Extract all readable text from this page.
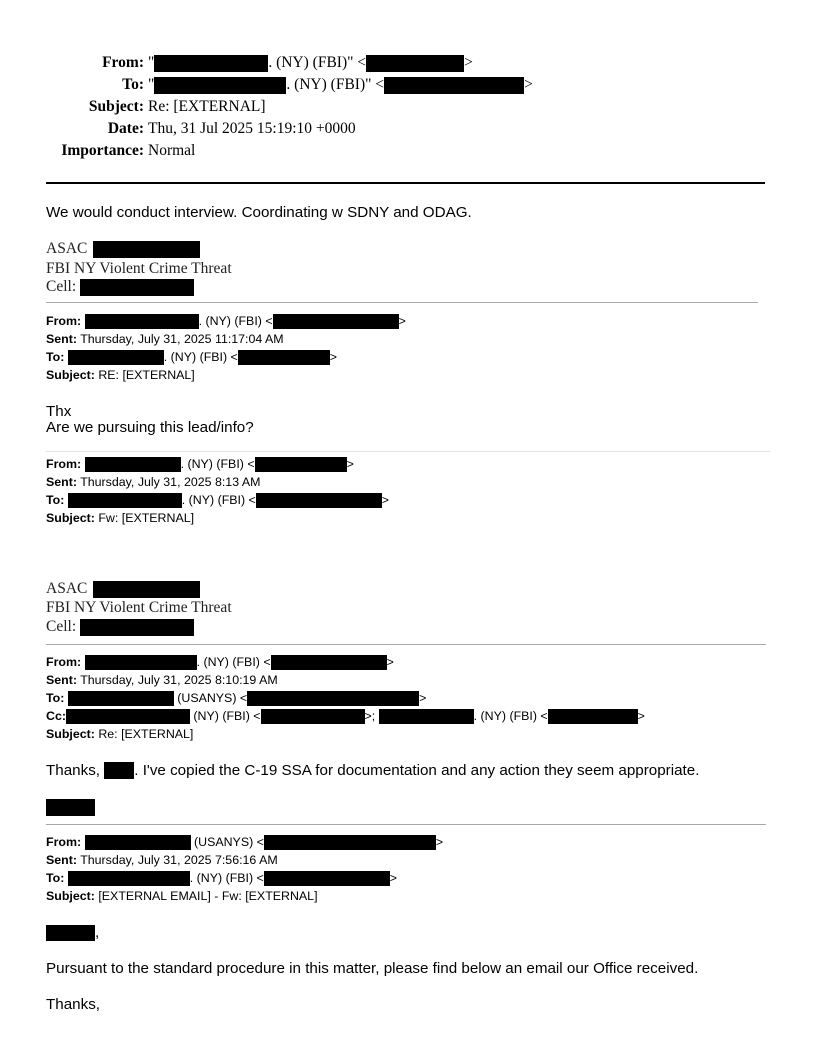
From: "	. (NY) (FBI)" <	>
To: "	. (NY) (FBI)" <	>
Subject: Re: [EXTERNAL]
Date: Thu, 31 Jul 2025 15:19:10 +0000
Importance: Normal
We would conduct interview. Coordinating w SDNY and ODAG.
ASAC
FBI NY Violent Crime Threat
Cell:
From:	. (NY) (FBI) <	>
Sent: Thursday, July 31, 2025 11:17:04 AM
To:	. (NY) (FBI) <	>
Subject: RE: [EXTERNAL]
Thx
Are we pursuing this lead/info?
From:	. (NY) (FBI) <	>
Sent: Thursday, July 31, 2025 8:13 AM
To:	. (NY) (FBI) <	>
Subject: Fw: [EXTERNAL]
ASAC
FBI NY Violent Crime Threat
Cell:
From:	. (NY) (FBI) <	>
Sent: Thursday, July 31, 2025 8:10:19 AM
To:	(USANYS) <	>
Cc:	(NY) (FBI) <	>;	. (NY) (FBI) <	>
Subject: Re: [EXTERNAL]
Thanks, . I've copied the C-19 SSA for documentation and any action they seem appropriate.
From:	(USANYS) <	>
Sent: Thursday, July 31, 2025 7:56:16 AM
To:	. (NY) (FBI) <	>
Subject: [EXTERNAL EMAIL] - Fw: [EXTERNAL]
,
Pursuant to the standard procedure in this matter, please find below an email our Office received.
Thanks,
